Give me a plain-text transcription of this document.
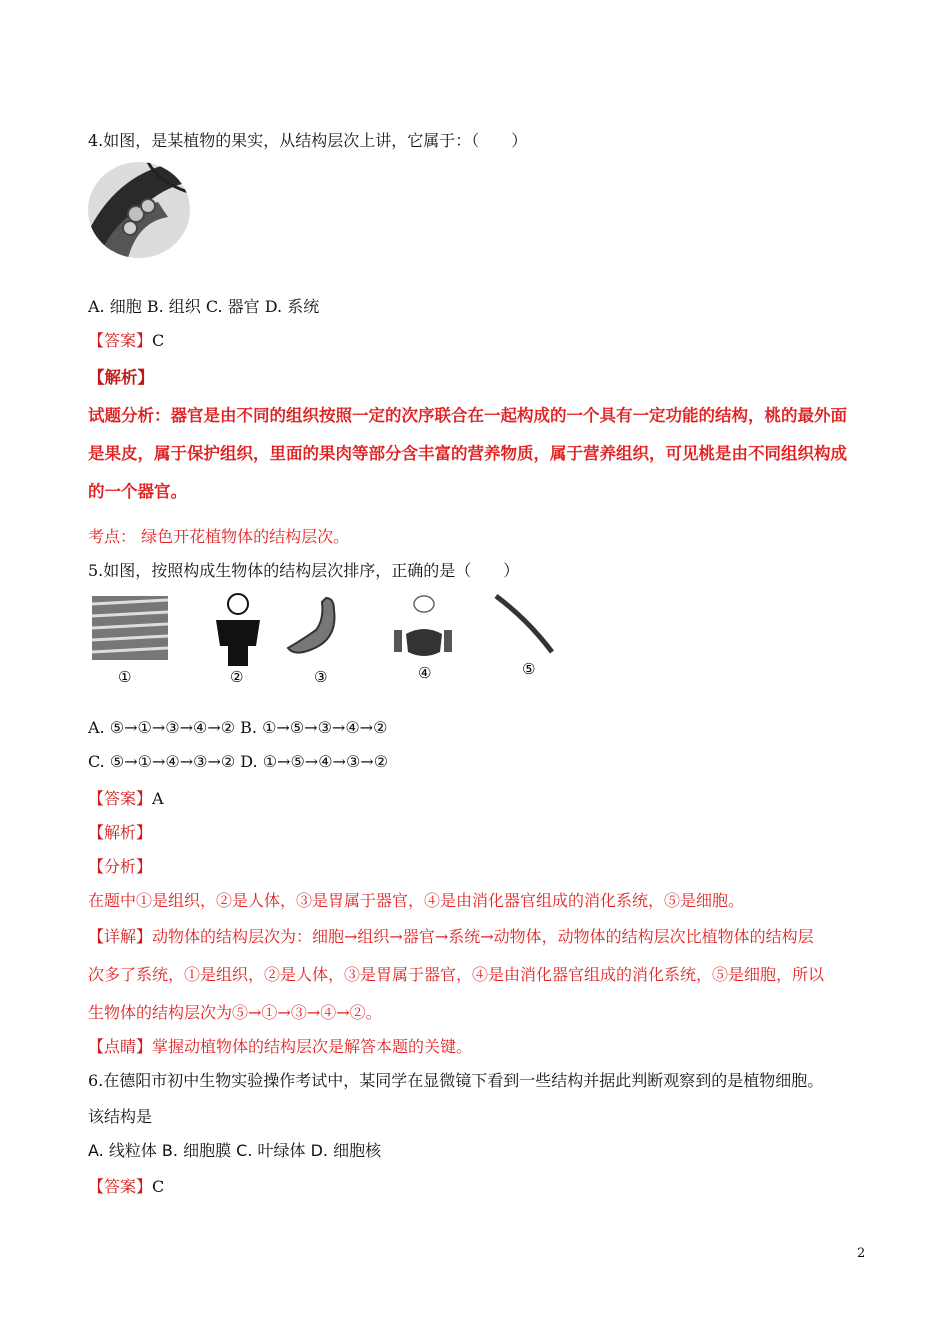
4.如图，是某植物的果实，从结构层次上讲，它属于：（　　）
A. 细胞 B. 组织 C. 器官 D. 系统
【答案】C
【解析】
试题分析：器官是由不同的组织按照一定的次序联合在一起构成的一个具有一定功能的结构，桃的最外面
是果皮，属于保护组织，里面的果肉等部分含丰富的营养物质，属于营养组织，可见桃是由不同组织构成
的一个器官。
考点： 绿色开花植物体的结构层次。
5.如图，按照构成生物体的结构层次排序，正确的是（　　）
①	②	③	④	⑤
A. ⑤→①→③→④→② B. ①→⑤→③→④→②
C. ⑤→①→④→③→② D. ①→⑤→④→③→②
【答案】A
【解析】
【分析】
在题中①是组织，②是人体，③是胃属于器官，④是由消化器官组成的消化系统，⑤是细胞。
【详解】动物体的结构层次为：细胞→组织→器官→系统→动物体，动物体的结构层次比植物体的结构层
次多了系统，①是组织，②是人体，③是胃属于器官，④是由消化器官组成的消化系统，⑤是细胞，所以
生物体的结构层次为⑤→①→③→④→②。
【点睛】掌握动植物体的结构层次是解答本题的关键。
6.在德阳市初中生物实验操作考试中，某同学在显微镜下看到一些结构并据此判断观察到的是植物细胞。
该结构是
A. 线粒体 B. 细胞膜 C. 叶绿体 D. 细胞核
【答案】C
2
